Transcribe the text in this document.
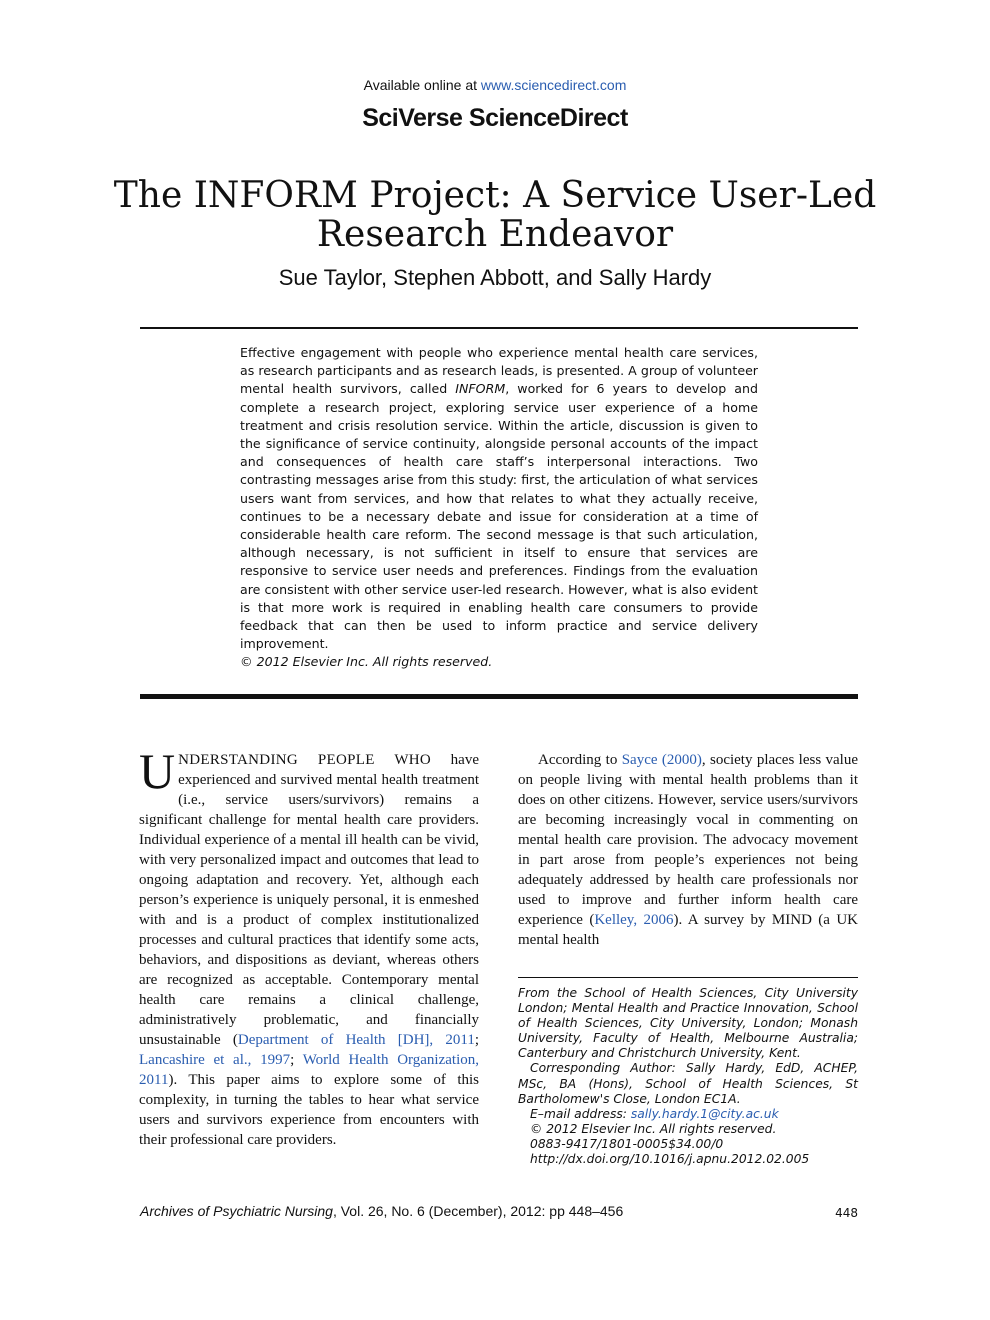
Available online at www.sciencedirect.com
SciVerse ScienceDirect
The INFORM Project: A Service User-Led Research Endeavor
Sue Taylor, Stephen Abbott, and Sally Hardy
Effective engagement with people who experience mental health care services, as research participants and as research leads, is presented. A group of volunteer mental health survivors, called INFORM, worked for 6 years to develop and complete a research project, exploring service user experience of a home treatment and crisis resolution service. Within the article, discussion is given to the significance of service continuity, alongside personal accounts of the impact and consequences of health care staff’s interpersonal interactions. Two contrasting messages arise from this study: first, the articulation of what services users want from services, and how that relates to what they actually receive, continues to be a necessary debate and issue for consideration at a time of considerable health care reform. The second message is that such articulation, although necessary, is not sufficient in itself to ensure that services are responsive to service user needs and preferences. Findings from the evaluation are consistent with other service user-led research. However, what is also evident is that more work is required in enabling health care consumers to provide feedback that can then be used to inform practice and service delivery improvement.
© 2012 Elsevier Inc. All rights reserved.
UNDERSTANDING PEOPLE WHO have experienced and survived mental health treatment (i.e., service users/survivors) remains a significant challenge for mental health care providers. Individual experience of a mental ill health can be vivid, with very personalized impact and outcomes that lead to ongoing adaptation and recovery. Yet, although each person’s experience is uniquely personal, it is enmeshed with and is a product of complex institutionalized processes and cultural practices that identify some acts, behaviors, and dispositions as deviant, whereas others are recognized as acceptable. Contemporary mental health care remains a clinical challenge, administratively problematic, and financially unsustainable (Department of Health [DH], 2011; Lancashire et al., 1997; World Health Organization, 2011). This paper aims to explore some of this complexity, in turning the tables to hear what service users and survivors experience from encounters with their professional care providers.
According to Sayce (2000), society places less value on people living with mental health problems than it does on other citizens. However, service users/survivors are becoming increasingly vocal in commenting on mental health care provision. The advocacy movement in part arose from people’s experiences not being adequately addressed by health care professionals nor used to improve and further inform health care experience (Kelley, 2006). A survey by MIND (a UK mental health

From the School of Health Sciences, City University London; Mental Health and Practice Innovation, School of Health Sciences, City University, London; Monash University, Faculty of Health, Melbourne Australia; Canterbury and Christchurch University, Kent.

Corresponding Author: Sally Hardy, EdD, ACHEP, MSc, BA (Hons), School of Health Sciences, St Bartholomew's Close, London EC1A.

E–mail address: sally.hardy.1@city.ac.uk

© 2012 Elsevier Inc. All rights reserved.

0883-9417/1801-0005$34.00/0

http://dx.doi.org/10.1016/j.apnu.2012.02.005

Archives of Psychiatric Nursing, Vol. 26, No. 6 (December), 2012: pp 448–456	448
